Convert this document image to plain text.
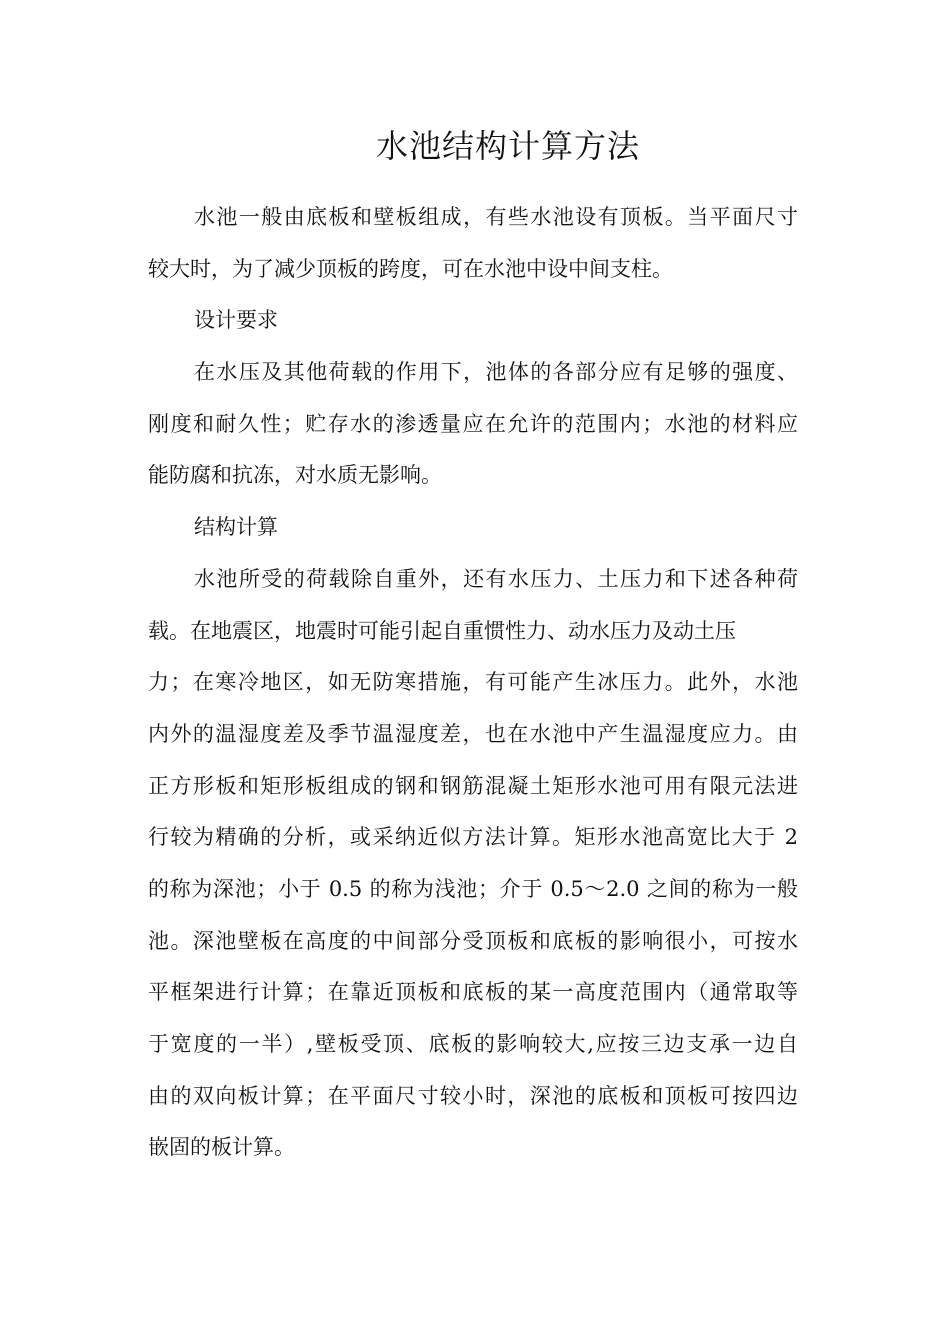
水池结构计算方法
水池一般由底板和壁板组成，有些水池设有顶板。当平面尺寸
较大时，为了减少顶板的跨度，可在水池中设中间支柱。
设计要求
在水压及其他荷载的作用下，池体的各部分应有足够的强度、
刚度和耐久性；贮存水的渗透量应在允许的范围内；水池的材料应
能防腐和抗冻，对水质无影响。
结构计算
水池所受的荷载除自重外，还有水压力、土压力和下述各种荷
载。在地震区，地震时可能引起自重惯性力、动水压力及动土压
力；在寒冷地区，如无防寒措施，有可能产生冰压力。此外，水池
内外的温湿度差及季节温湿度差，也在水池中产生温湿度应力。由
正方形板和矩形板组成的钢和钢筋混凝土矩形水池可用有限元法进
行较为精确的分析，或采纳近似方法计算。矩形水池高宽比大于 2
的称为深池；小于 0.5 的称为浅池；介于 0.5～2.0 之间的称为一般
池。深池壁板在高度的中间部分受顶板和底板的影响很小，可按水
平框架进行计算；在靠近顶板和底板的某一高度范围内（通常取等
于宽度的一半）,壁板受顶、底板的影响较大,应按三边支承一边自
由的双向板计算；在平面尺寸较小时，深池的底板和顶板可按四边
嵌固的板计算。
